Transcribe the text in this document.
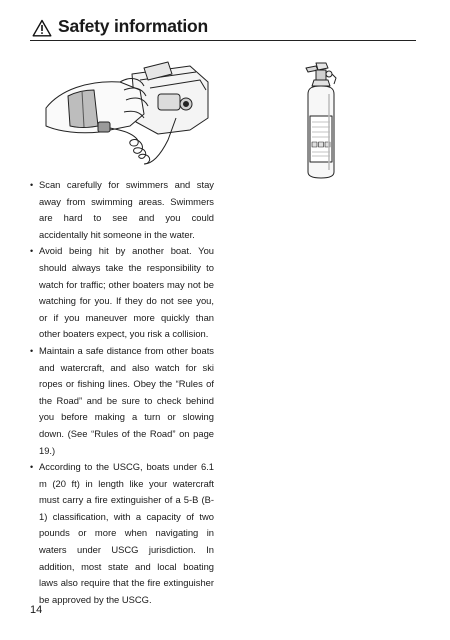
Safety information
• Scan carefully for swimmers and stay away from swimming areas. Swimmers are hard to see and you could accidentally hit someone in the water.
• Avoid being hit by another boat. You should always take the responsibility to watch for traffic; other boaters may not be watching for you. If they do not see you, or if you maneuver more quickly than other boaters expect, you risk a collision.
• Maintain a safe distance from other boats and watercraft, and also watch for ski ropes or fishing lines. Obey the “Rules of the Road” and be sure to check behind you before making a turn or slowing down. (See “Rules of the Road” on page 19.)
• According to the USCG, boats under 6.1 m (20 ft) in length like your watercraft must carry a fire extinguisher of a 5-B (B-1) classification, with a capacity of two pounds or more when navigating in waters under USCG jurisdiction. In addition, most state and local boating laws also require that the fire extinguisher be approved by the USCG.
14
